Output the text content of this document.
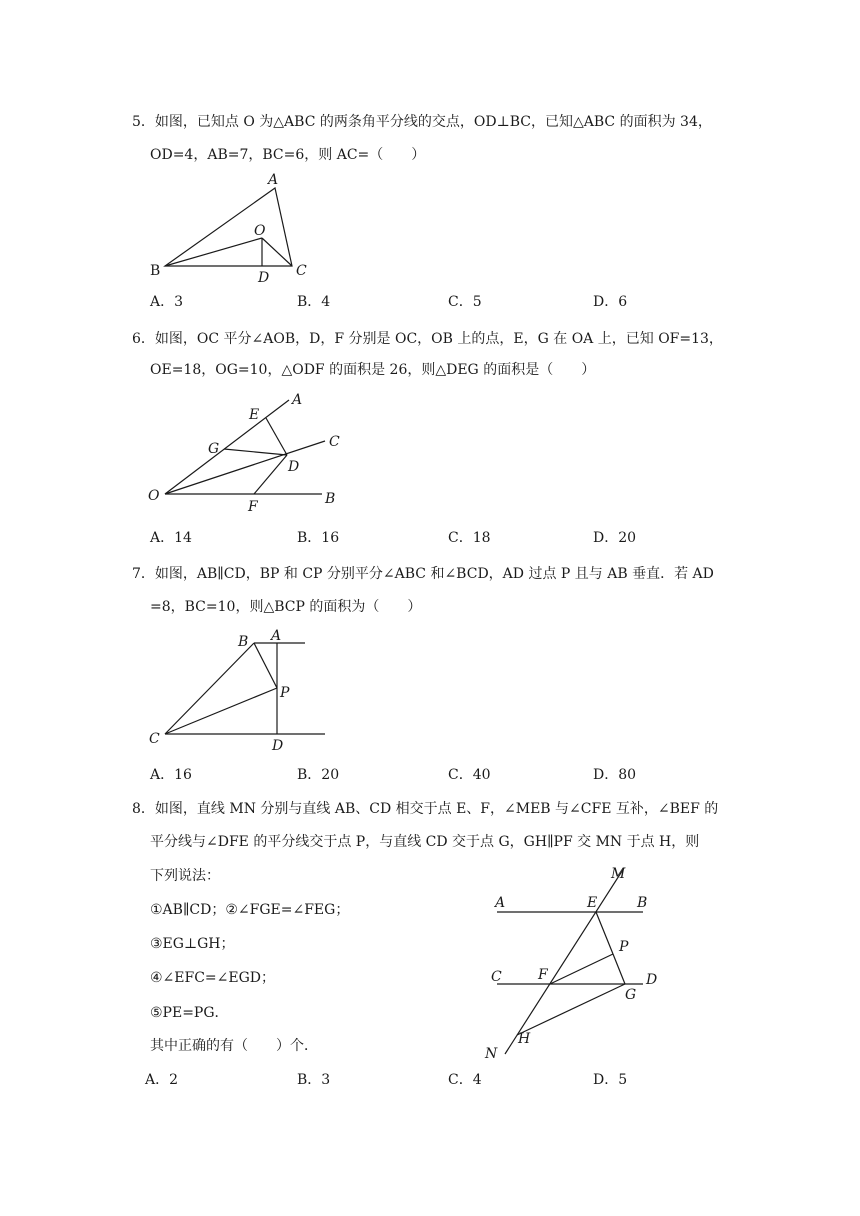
5．如图，已知点 O 为△ABC 的两条角平分线的交点，OD⊥BC，已知△ABC 的面积为 34，
OD=4，AB=7，BC=6，则 AC=（　　）
A
B	C
O
D
A．3	B．4	C．5	D．6
6．如图，OC 平分∠AOB，D，F 分别是 OC，OB 上的点，E，G 在 OA 上，已知 OF=13，
OE=18，OG=10，△ODF 的面积是 26，则△DEG 的面积是（　　）
A
E
C
G
D
O	B
F
A．14	B．16	C．18	D．20
7．如图，AB∥CD，BP 和 CP 分别平分∠ABC 和∠BCD，AD 过点 P 且与 AB 垂直．若 AD
=8，BC=10，则△BCP 的面积为（　　）
B A
P
C	D
A．16	B．20	C．40	D．80
8．如图，直线 MN 分别与直线 AB、CD 相交于点 E、F，∠MEB 与∠CFE 互补，∠BEF 的
平分线与∠DFE 的平分线交于点 P，与直线 CD 交于点 G，GH∥PF 交 MN 于点 H，则
下列说法：
①AB∥CD；②∠FGE=∠FEG；
③EG⊥GH；
④∠EFC=∠EGD；
⑤PE=PG．
其中正确的有（　　）个．
M
A	E	B
P
C	F	D
G
H
N
A．2	B．3	C．4	D．5
